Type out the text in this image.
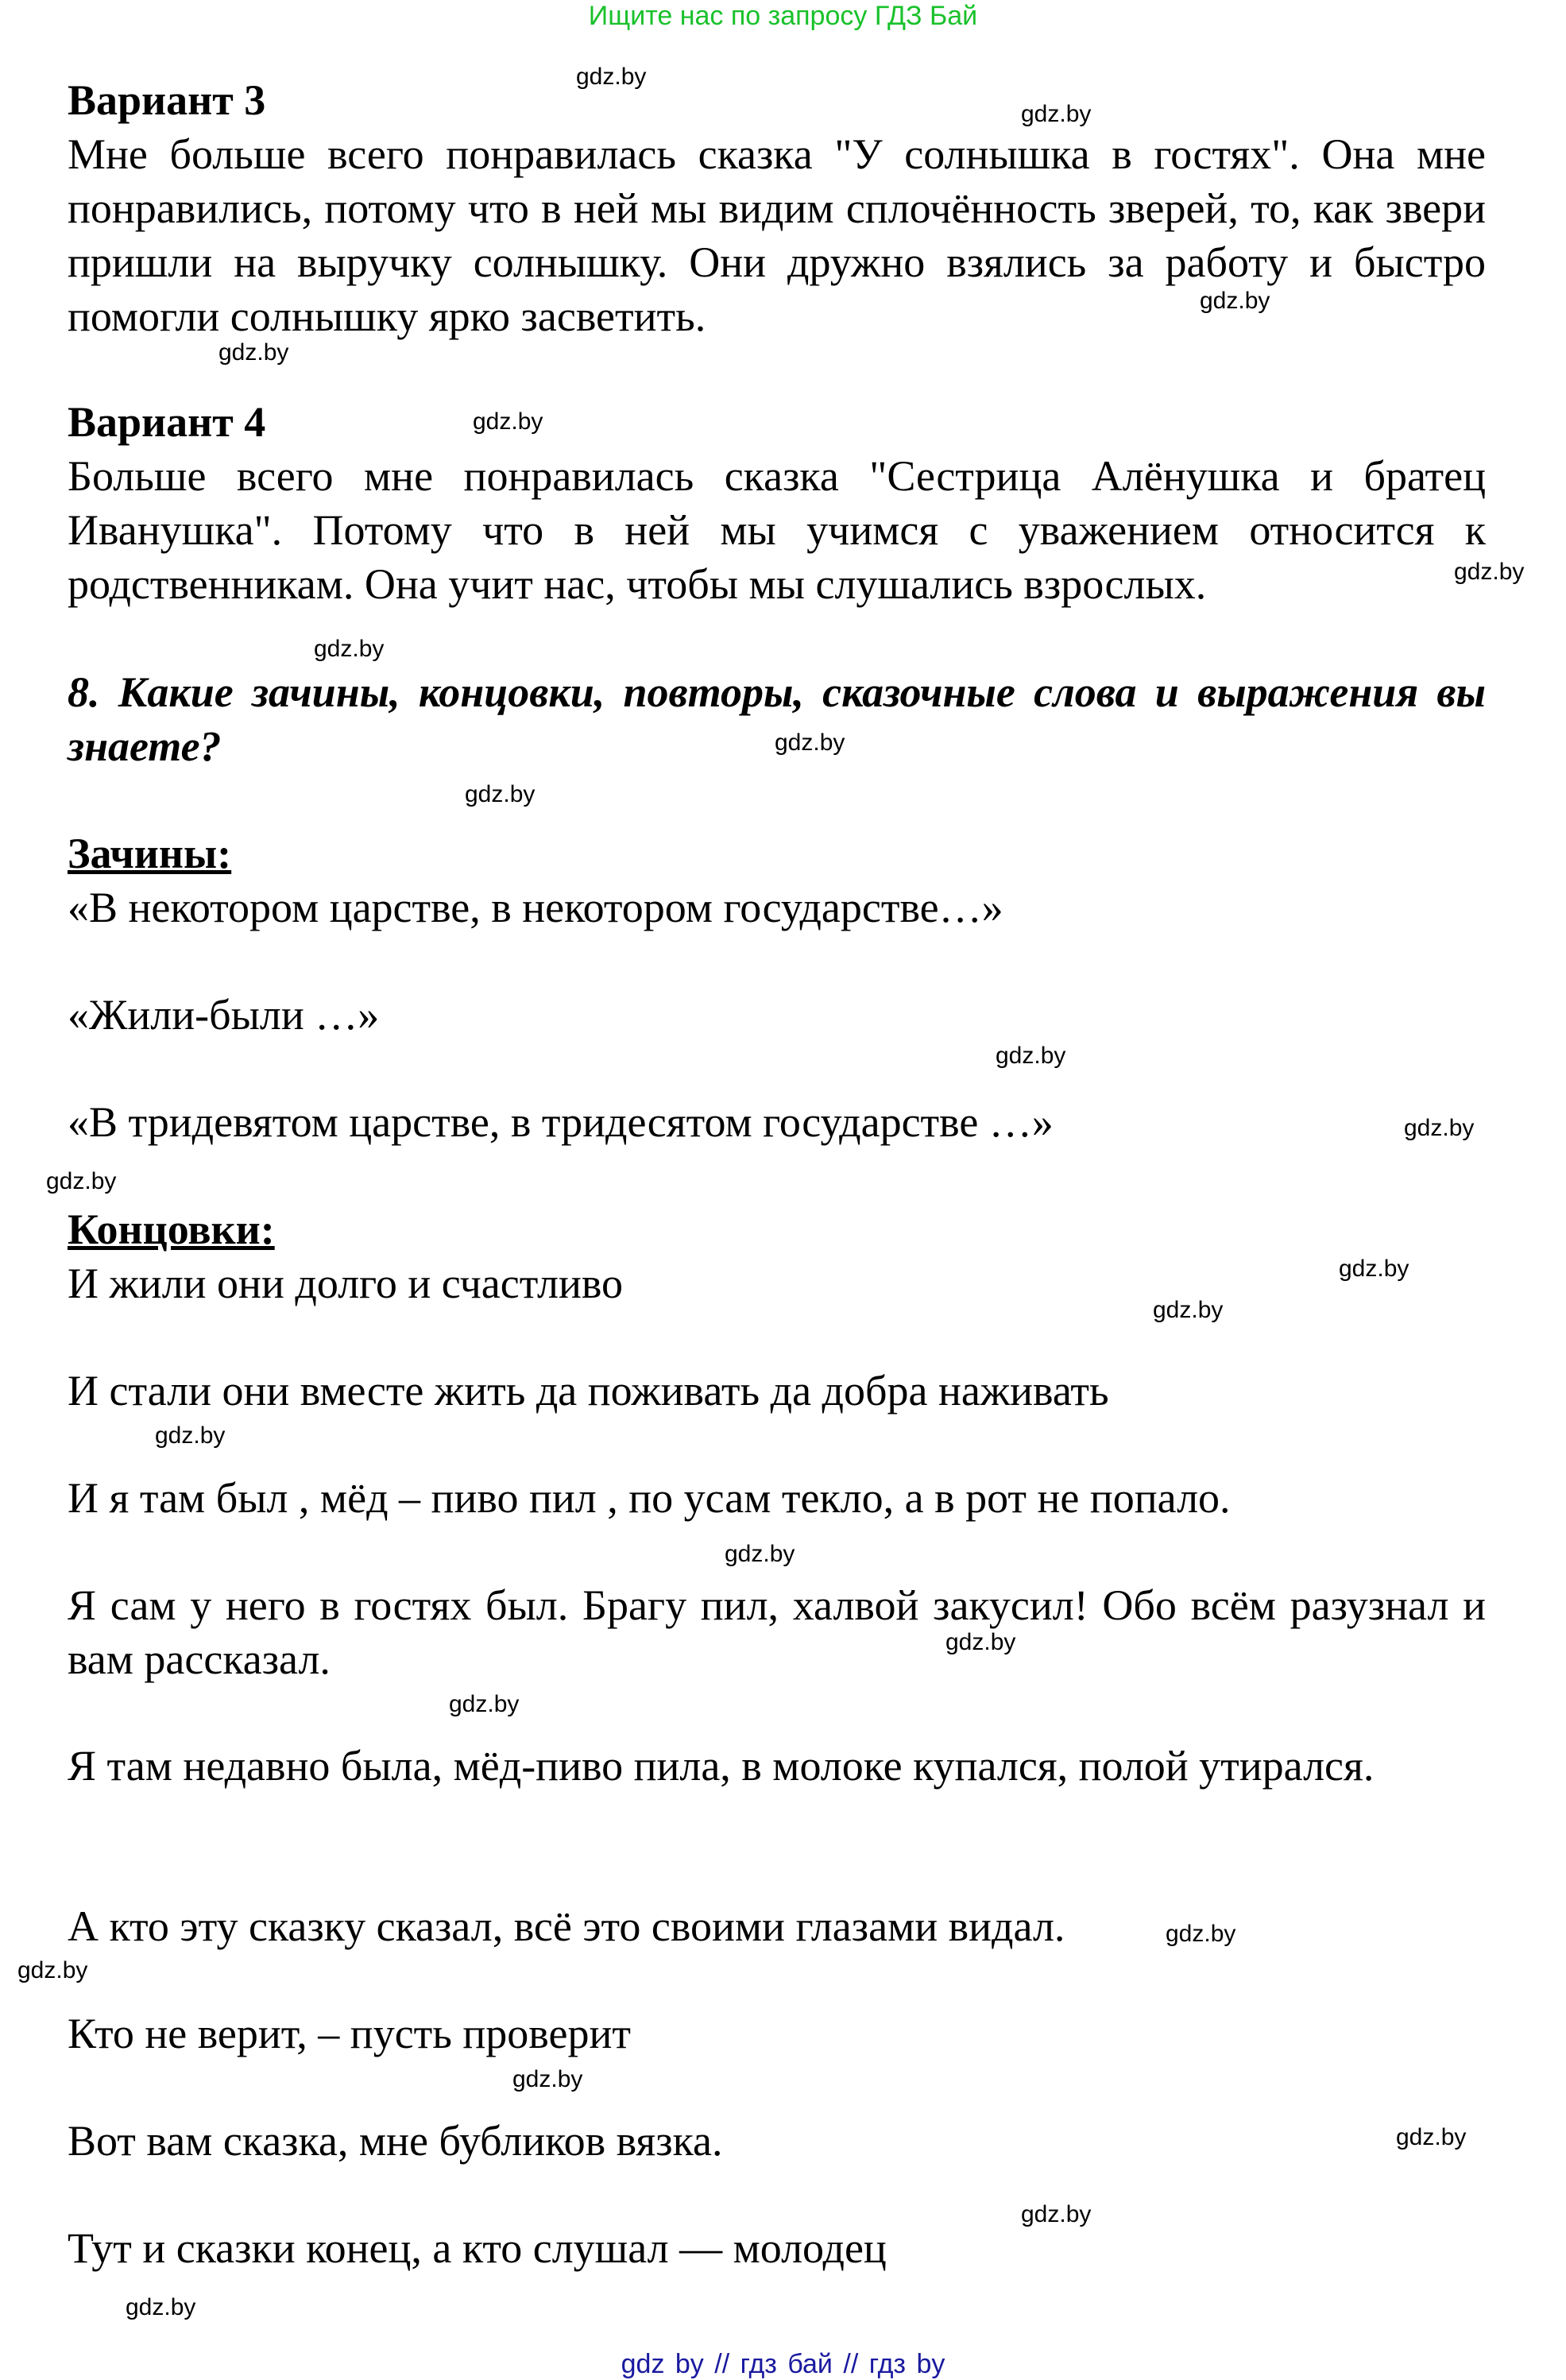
Ищите нас по запросу ГДЗ Бай
Вариант 3
Мне больше всего понравилась сказка "У солнышка в гостях". Она мне понравились, потому что в ней мы видим сплочённость зверей, то, как звери пришли на выручку солнышку. Они дружно взялись за работу и быстро помогли солнышку ярко засветить.
Вариант 4
Больше всего мне понравилась сказка "Сестрица Алёнушка и братец Иванушка". Потому что в ней мы учимся с уважением относится к родственникам. Она учит нас, чтобы мы слушались взрослых.
8. Какие зачины, концовки, повторы, сказочные слова и выражения вы знаете?
Зачины:
«В некотором царстве, в некотором государстве…»
«Жили-были …»
«В тридевятом царстве, в тридесятом государстве …»
Концовки:
И жили они долго и счастливо
И стали они вместе жить да поживать да добра наживать
И я там был , мёд – пиво пил , по усам текло, а в рот не попало.
Я сам у него в гостях был. Брагу пил, халвой закусил! Обо всём разузнал и вам рассказал.
Я там недавно была, мёд-пиво пила, в молоке купался, полой утирался.
А кто эту сказку сказал, всё это своими глазами видал.
Кто не верит, – пусть проверит
Вот вам сказка, мне бубликов вязка.
Тут и сказки конец, а кто слушал — молодец
gdz.by
gdz.by
gdz.by
gdz.by
gdz.by
gdz.by
gdz.by
gdz.by
gdz.by
gdz.by
gdz.by
gdz.by
gdz.by
gdz.by
gdz.by
gdz.by
gdz.by
gdz.by
gdz.by
gdz.by
gdz.by
gdz.by
gdz.by
gdz.by
gdz by // гдз бай // гдз by
